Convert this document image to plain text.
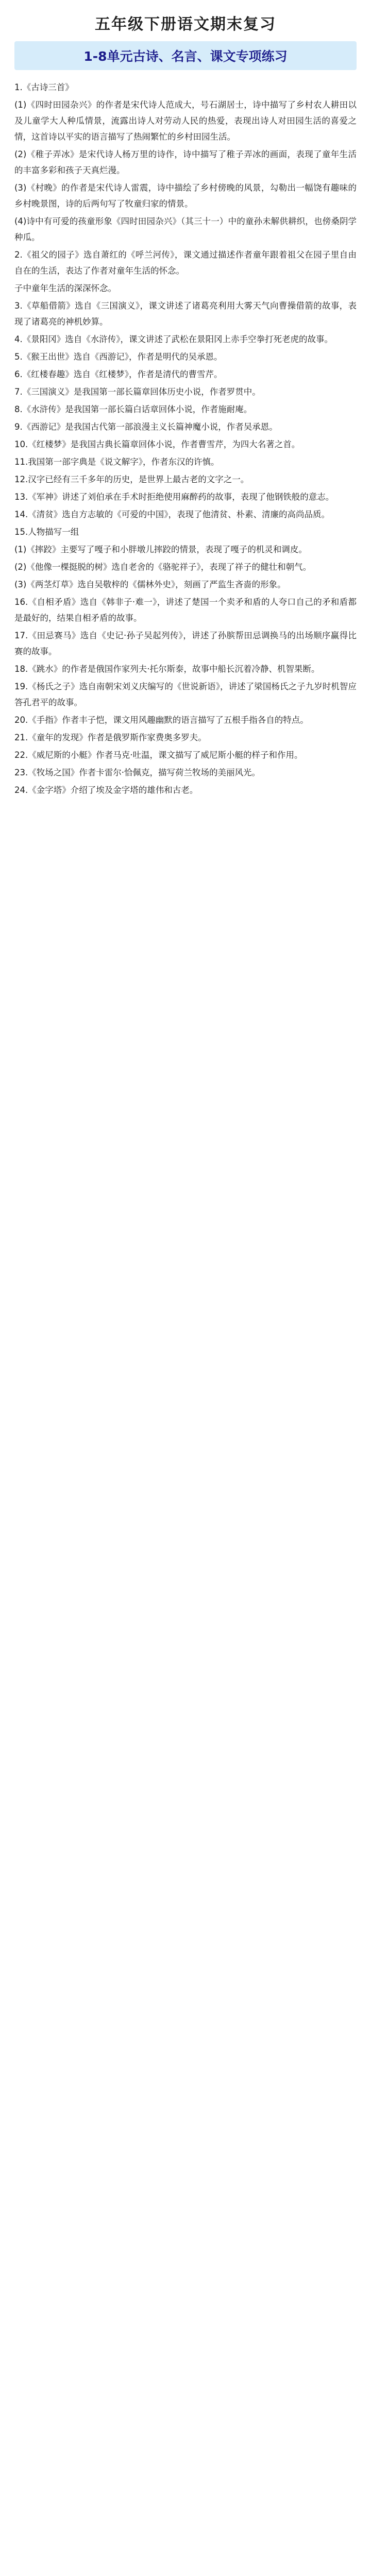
五年级下册语文期末复习
1-8单元古诗、名言、课文专项练习

1.《古诗三首》

(1)《四时田园杂兴》的作者是宋代诗人范成大，号石湖居士，诗中描写了乡村农人耕田以及儿童学大人种瓜情景，流露出诗人对劳动人民的热爱，表现出诗人对田园生活的喜爱之情，这首诗以平实的语言描写了热闹繁忙的乡村田园生活。

(2)《稚子弄冰》是宋代诗人杨万里的诗作，诗中描写了稚子弄冰的画面，表现了童年生活的丰富多彩和孩子天真烂漫。

(3)《村晚》的作者是宋代诗人雷震，诗中描绘了乡村傍晚的风景，勾勒出一幅饶有趣味的乡村晚景图，诗的后两句写了牧童归家的情景。

(4)诗中有可爱的孩童形象《四时田园杂兴》（其三十一）中的童孙未解供耕织，也傍桑阴学种瓜。

2.《祖父的园子》选自萧红的《呼兰河传》，课文通过描述作者童年跟着祖父在园子里自由自在的生活，表达了作者对童年生活的怀念。

子中童年生活的深深怀念。

3.《草船借箭》选自《三国演义》，课文讲述了诸葛亮利用大雾天气向曹操借箭的故事，表现了诸葛亮的神机妙算。

4.《景阳冈》选自《水浒传》，课文讲述了武松在景阳冈上赤手空拳打死老虎的故事。

5.《猴王出世》选自《西游记》，作者是明代的吴承恩。

6.《红楼春趣》选自《红楼梦》，作者是清代的曹雪芹。

7.《三国演义》是我国第一部长篇章回体历史小说，作者罗贯中。

8.《水浒传》是我国第一部长篇白话章回体小说，作者施耐庵。

9.《西游记》是我国古代第一部浪漫主义长篇神魔小说，作者吴承恩。

10.《红楼梦》是我国古典长篇章回体小说，作者曹雪芹，为四大名著之首。

11.我国第一部字典是《说文解字》，作者东汉的许慎。

12.汉字已经有三千多年的历史，是世界上最古老的文字之一。

13.《军神》讲述了刘伯承在手术时拒绝使用麻醉药的故事，表现了他钢铁般的意志。

14.《清贫》选自方志敏的《可爱的中国》，表现了他清贫、朴素、清廉的高尚品质。

15.人物描写一组

(1)《摔跤》主要写了嘎子和小胖墩儿摔跤的情景，表现了嘎子的机灵和调皮。

(2)《他像一棵挺脱的树》选自老舍的《骆驼祥子》，表现了祥子的健壮和朝气。

(3)《两茎灯草》选自吴敬梓的《儒林外史》，刻画了严监生吝啬的形象。

16.《自相矛盾》选自《韩非子·难一》，讲述了楚国一个卖矛和盾的人夸口自己的矛和盾都是最好的，结果自相矛盾的故事。

17.《田忌赛马》选自《史记·孙子吴起列传》，讲述了孙膑帮田忌调换马的出场顺序赢得比赛的故事。

18.《跳水》的作者是俄国作家列夫·托尔斯泰，故事中船长沉着冷静、机智果断。

19.《杨氏之子》选自南朝宋刘义庆编写的《世说新语》，讲述了梁国杨氏之子九岁时机智应答孔君平的故事。

20.《手指》作者丰子恺，课文用风趣幽默的语言描写了五根手指各自的特点。

21.《童年的发现》作者是俄罗斯作家费奥多罗夫。

22.《威尼斯的小艇》作者马克·吐温，课文描写了威尼斯小艇的样子和作用。

23.《牧场之国》作者卡雷尔·恰佩克，描写荷兰牧场的美丽风光。

24.《金字塔》介绍了埃及金字塔的雄伟和古老。
